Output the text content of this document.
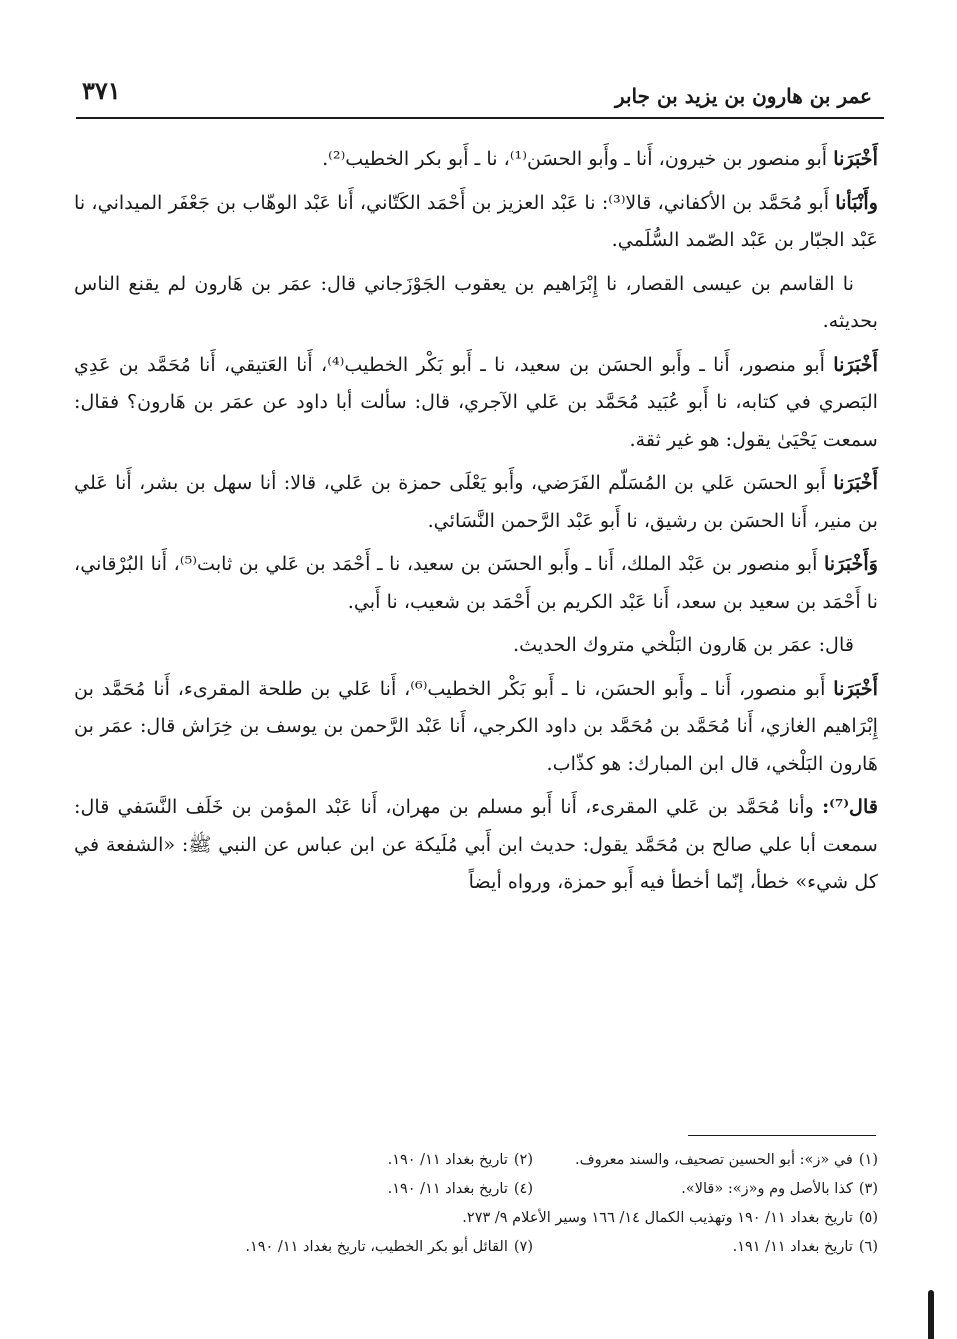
عمر بن هارون بن يزيد بن جابر
٣٧١

أَخْبَرَنا أَبو منصور بن خيرون، أَنا ـ وأَبو الحسَن⁽¹⁾، نا ـ أَبو بكر الخطيب⁽²⁾.

وأَنْبَأنا أَبو مُحَمَّد بن الأكفاني، قالا⁽³⁾: نا عَبْد العزيز بن أَحْمَد الكَتّاني، أَنا عَبْد الوهّاب بن جَعْفَر الميداني، نا عَبْد الجبّار بن عَبْد الصّمد السُّلَمي.

نا القاسم بن عيسى القصار، نا إِبْرَاهيم بن يعقوب الجَوْزَجاني قال: عمَر بن هَارون لم يقنع الناس بحديثه.

أَخْبَرَنا أَبو منصور، أَنا ـ وأَبو الحسَن بن سعيد، نا ـ أَبو بَكْر الخطيب⁽⁴⁾، أَنا العَتيقي، أَنا مُحَمَّد بن عَدِي البَصري في كتابه، نا أَبو عُبَيد مُحَمَّد بن عَلي الآجري، قال: سألت أبا داود عن عمَر بن هَارون؟ فقال: سمعت يَحْيَىٰ يقول: هو غير ثقة.

أَخْبَرَنا أَبو الحسَن عَلي بن المُسَلّم الفَرَضي، وأَبو يَعْلَى حمزة بن عَلي، قالا: أنا سهل بن بشر، أَنا عَلي بن منير، أَنا الحسَن بن رشيق، نا أَبو عَبْد الرَّحمن النَّسَائي.

وَأَخْبَرَنا أَبو منصور بن عَبْد الملك، أَنا ـ وأَبو الحسَن بن سعيد، نا ـ أَحْمَد بن عَلي بن ثابت⁽⁵⁾، أَنا البُرْقاني، نا أَحْمَد بن سعيد بن سعد، أَنا عَبْد الكريم بن أَحْمَد بن شعيب، نا أَبي.

قال: عمَر بن هَارون البَلْخي متروك الحديث.

أَخْبَرَنا أَبو منصور، أَنا ـ وأَبو الحسَن، نا ـ أَبو بَكْر الخطيب⁽⁶⁾، أَنا عَلي بن طلحة المقرىء، أَنا مُحَمَّد بن إِبْرَاهيم الغازي، أَنا مُحَمَّد بن مُحَمَّد بن داود الكرجي، أَنا عَبْد الرَّحمن بن يوسف بن خِرَاش قال: عمَر بن هَارون البَلْخي، قال ابن المبارك: هو كذّاب.

قال⁽⁷⁾: وأنا مُحَمَّد بن عَلي المقرىء، أَنا أَبو مسلم بن مهران، أَنا عَبْد المؤمن بن خَلَف النَّسَفي قال: سمعت أبا علي صالح بن مُحَمَّد يقول: حديث ابن أَبي مُلَيكة عن ابن عباس عن النبي ﷺ: «الشفعة في كل شيء» خطأ، إنّما أخطأ فيه أَبو حمزة، ورواه أيضاً

(١)
في «ز»: أبو الحسين تصحيف، والسند معروف.
(٢)
تاريخ بغداد ١١/ ١٩٠.
(٣)
كذا بالأصل وم و«ز»: «قالا».
(٤)
تاريخ بغداد ١١/ ١٩٠.
(٥)
تاريخ بغداد ١١/ ١٩٠ وتهذيب الكمال ١٤/ ١٦٦ وسير الأعلام ٩/ ٢٧٣.
(٦)
تاريخ بغداد ١١/ ١٩١.
(٧)
القائل أبو بكر الخطيب، تاريخ بغداد ١١/ ١٩٠.
